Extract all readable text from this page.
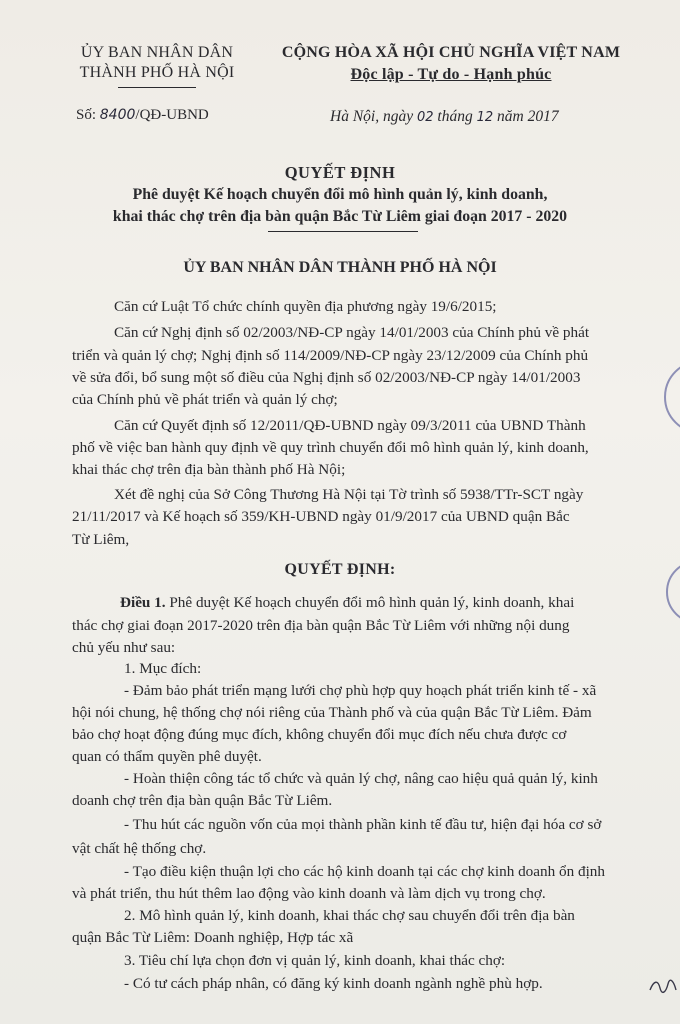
ỦY BAN NHÂN DÂN
THÀNH PHỐ HÀ NỘI
CỘNG HÒA XÃ HỘI CHỦ NGHĨA VIỆT NAM
Độc lập - Tự do - Hạnh phúc
Số: 8400/QĐ-UBND	Hà Nội, ngày 02 tháng 12 năm 2017
QUYẾT ĐỊNH
Phê duyệt Kế hoạch chuyển đổi mô hình quản lý, kinh doanh,
khai thác chợ trên địa bàn quận Bắc Từ Liêm giai đoạn 2017 - 2020
ỦY BAN NHÂN DÂN THÀNH PHỐ HÀ NỘI
Căn cứ Luật Tổ chức chính quyền địa phương ngày 19/6/2015;
Căn cứ Nghị định số 02/2003/NĐ-CP ngày 14/01/2003 của Chính phủ về phát
triển và quản lý chợ; Nghị định số 114/2009/NĐ-CP ngày 23/12/2009 của Chính phủ
về sửa đổi, bổ sung một số điều của Nghị định số 02/2003/NĐ-CP ngày 14/01/2003
của Chính phủ về phát triển và quản lý chợ;
Căn cứ Quyết định số 12/2011/QĐ-UBND ngày 09/3/2011 của UBND Thành
phố về việc ban hành quy định về quy trình chuyển đổi mô hình quản lý, kinh doanh,
khai thác chợ trên địa bàn thành phố Hà Nội;
Xét đề nghị của Sở Công Thương Hà Nội tại Tờ trình số 5938/TTr-SCT ngày
21/11/2017 và Kế hoạch số 359/KH-UBND ngày 01/9/2017 của UBND quận Bắc
Từ Liêm,
QUYẾT ĐỊNH:
Điều 1. Phê duyệt Kế hoạch chuyển đổi mô hình quản lý, kinh doanh, khai
thác chợ giai đoạn 2017-2020 trên địa bàn quận Bắc Từ Liêm với những nội dung
chủ yếu như sau:
1. Mục đích:
- Đảm bảo phát triển mạng lưới chợ phù hợp quy hoạch phát triển kinh tế - xã
hội nói chung, hệ thống chợ nói riêng của Thành phố và của quận Bắc Từ Liêm. Đảm
bảo chợ hoạt động đúng mục đích, không chuyển đổi mục đích nếu chưa được cơ
quan có thẩm quyền phê duyệt.
- Hoàn thiện công tác tổ chức và quản lý chợ, nâng cao hiệu quả quản lý, kinh
doanh chợ trên địa bàn quận Bắc Từ Liêm.
- Thu hút các nguồn vốn của mọi thành phần kinh tế đầu tư, hiện đại hóa cơ sở
vật chất hệ thống chợ.
- Tạo điều kiện thuận lợi cho các hộ kinh doanh tại các chợ kinh doanh ổn định
và phát triển, thu hút thêm lao động vào kinh doanh và làm dịch vụ trong chợ.
2. Mô hình quản lý, kinh doanh, khai thác chợ sau chuyển đổi trên địa bàn
quận Bắc Từ Liêm: Doanh nghiệp, Hợp tác xã
3. Tiêu chí lựa chọn đơn vị quản lý, kinh doanh, khai thác chợ:
- Có tư cách pháp nhân, có đăng ký kinh doanh ngành nghề phù hợp.
